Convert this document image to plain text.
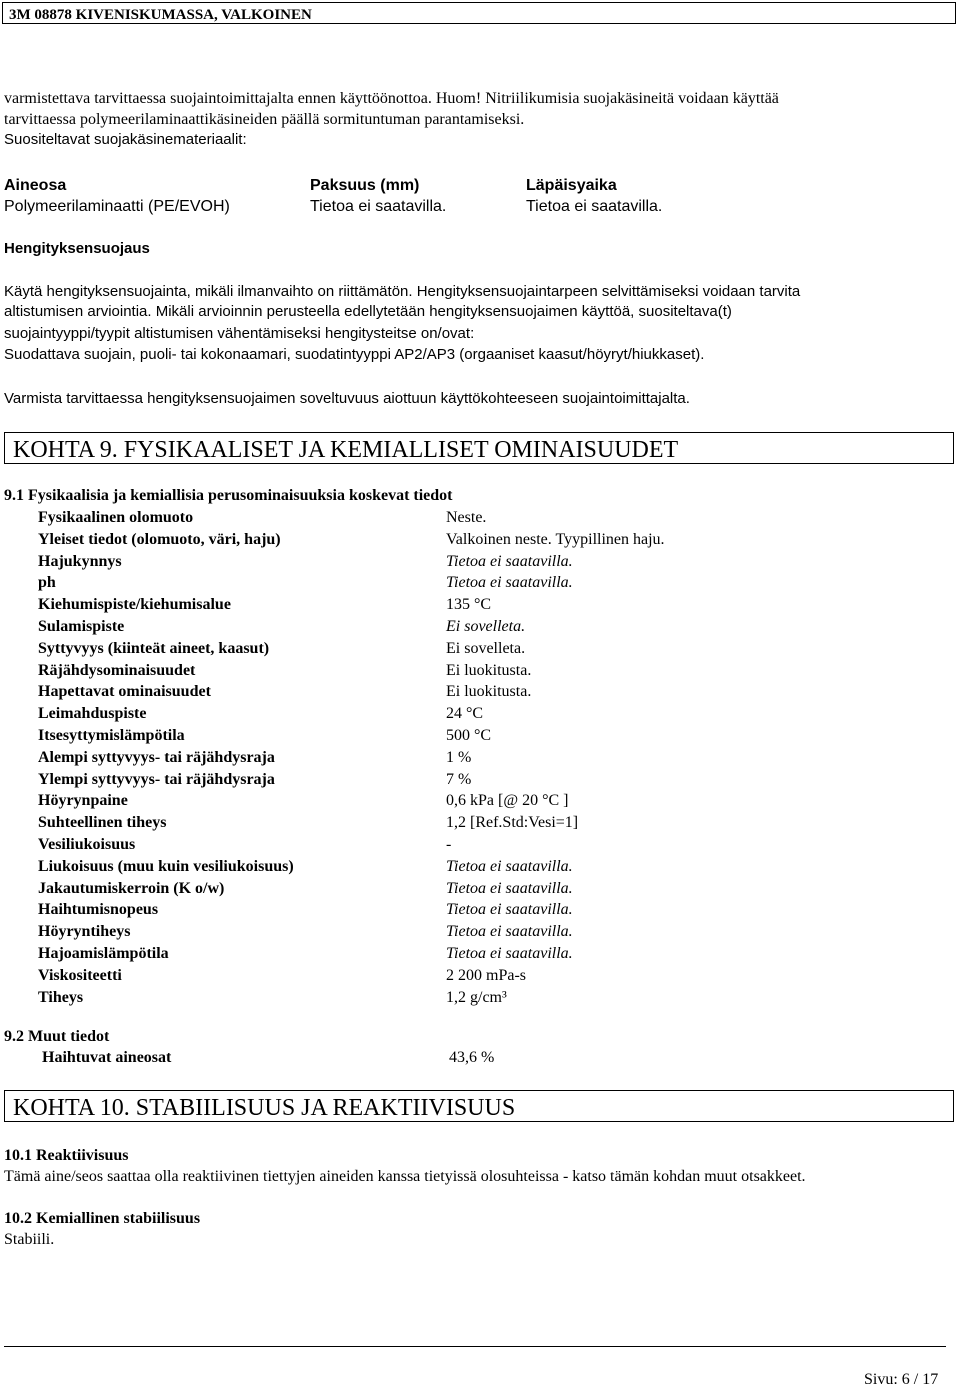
3M 08878 KIVENISKUMASSA, VALKOINEN
varmistettava tarvittaessa suojaintoimittajalta ennen käyttöönottoa. Huom! Nitriilikumisia suojakäsineitä voidaan käyttää
tarvittaessa polymeerilaminaattikäsineiden päällä sormituntuman parantamiseksi.
Suositeltavat suojakäsinemateriaalit:
Aineosa	Paksuus (mm)	Läpäisyaika
Polymeerilaminaatti (PE/EVOH)	Tietoa ei saatavilla.	Tietoa ei saatavilla.
Hengityksensuojaus
Käytä hengityksensuojainta, mikäli ilmanvaihto on riittämätön. Hengityksensuojaintarpeen selvittämiseksi voidaan tarvita
altistumisen arviointia. Mikäli arvioinnin perusteella edellytetään hengityksensuojaimen käyttöä, suositeltava(t)
suojaintyyppi/tyypit altistumisen vähentämiseksi hengitysteitse on/ovat:
Suodattava suojain, puoli- tai kokonaamari, suodatintyyppi AP2/AP3 (orgaaniset kaasut/höyryt/hiukkaset).
Varmista tarvittaessa hengityksensuojaimen soveltuvuus aiottuun käyttökohteeseen suojaintoimittajalta.
KOHTA 9. FYSIKAALISET JA KEMIALLISET OMINAISUUDET
9.1 Fysikaalisia ja kemiallisia perusominaisuuksia koskevat tiedot
Fysikaalinen olomuoto	Neste.
Yleiset tiedot (olomuoto, väri, haju)	Valkoinen neste. Tyypillinen haju.
Hajukynnys	Tietoa ei saatavilla.
ph	Tietoa ei saatavilla.
Kiehumispiste/kiehumisalue	135 °C
Sulamispiste	Ei sovelleta.
Syttyvyys (kiinteät aineet, kaasut)	Ei sovelleta.
Räjähdysominaisuudet	Ei luokitusta.
Hapettavat ominaisuudet	Ei luokitusta.
Leimahduspiste	24 °C
Itsesyttymislämpötila	500 °C
Alempi syttyvyys- tai räjähdysraja	1 %
Ylempi syttyvyys- tai räjähdysraja	7 %
Höyrynpaine	0,6 kPa [@ 20 °C ]
Suhteellinen tiheys	1,2 [Ref.Std:Vesi=1]
Vesiliukoisuus	-
Liukoisuus (muu kuin vesiliukoisuus)	Tietoa ei saatavilla.
Jakautumiskerroin (K o/w)	Tietoa ei saatavilla.
Haihtumisnopeus	Tietoa ei saatavilla.
Höyryntiheys	Tietoa ei saatavilla.
Hajoamislämpötila	Tietoa ei saatavilla.
Viskositeetti	2 200 mPa-s
Tiheys	1,2 g/cm³
9.2 Muut tiedot
Haihtuvat aineosat	43,6 %
KOHTA 10. STABIILISUUS JA REAKTIIVISUUS
10.1 Reaktiivisuus
Tämä aine/seos saattaa olla reaktiivinen tiettyjen aineiden kanssa tietyissä olosuhteissa - katso tämän kohdan muut otsakkeet.
10.2 Kemiallinen stabiilisuus
Stabiili.
Sivu: 6 / 17
